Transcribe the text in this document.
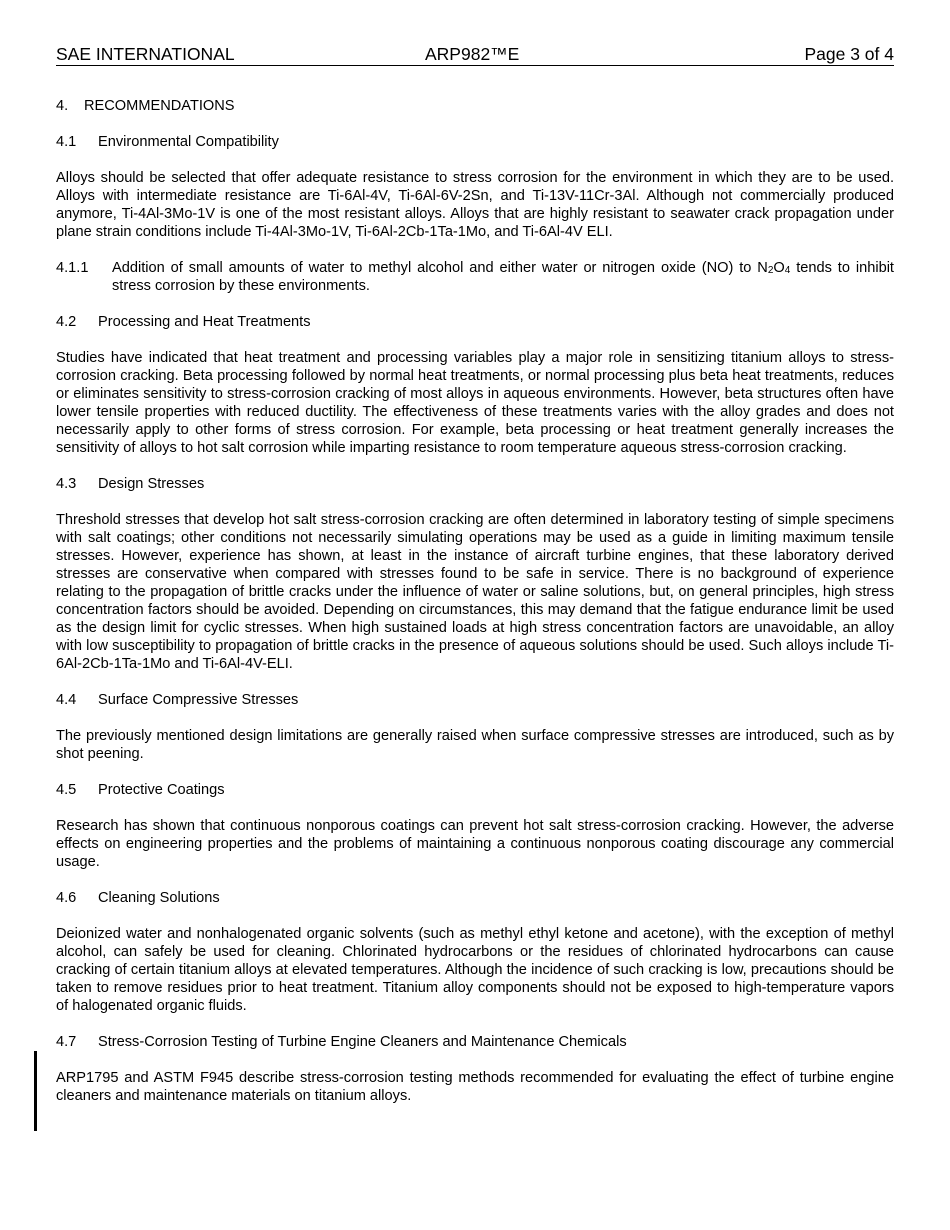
SAE INTERNATIONAL	ARP982™E	Page 3 of 4
4.	RECOMMENDATIONS
4.1	Environmental Compatibility

Alloys should be selected that offer adequate resistance to stress corrosion for the environment in which they are to be used. Alloys with intermediate resistance are Ti-6Al-4V, Ti-6Al-6V-2Sn, and Ti-13V-11Cr-3Al. Although not commercially produced anymore, Ti-4Al-3Mo-1V is one of the most resistant alloys. Alloys that are highly resistant to seawater crack propagation under plane strain conditions include Ti-4Al-3Mo-1V, Ti-6Al-2Cb-1Ta-1Mo, and Ti-6Al-4V ELI.

4.1.1	Addition of small amounts of water to methyl alcohol and either water or nitrogen oxide (NO) to $N_2O_4$ tends to inhibit stress corrosion by these environments.
4.2	Processing and Heat Treatments

Studies have indicated that heat treatment and processing variables play a major role in sensitizing titanium alloys to stress-corrosion cracking. Beta processing followed by normal heat treatments, or normal processing plus beta heat treatments, reduces or eliminates sensitivity to stress-corrosion cracking of most alloys in aqueous environments. However, beta structures often have lower tensile properties with reduced ductility. The effectiveness of these treatments varies with the alloy grades and does not necessarily apply to other forms of stress corrosion. For example, beta processing or heat treatment generally increases the sensitivity of alloys to hot salt corrosion while imparting resistance to room temperature aqueous stress-corrosion cracking.

4.3	Design Stresses

Threshold stresses that develop hot salt stress-corrosion cracking are often determined in laboratory testing of simple specimens with salt coatings; other conditions not necessarily simulating operations may be used as a guide in limiting maximum tensile stresses. However, experience has shown, at least in the instance of aircraft turbine engines, that these laboratory derived stresses are conservative when compared with stresses found to be safe in service. There is no background of experience relating to the propagation of brittle cracks under the influence of water or saline solutions, but, on general principles, high stress concentration factors should be avoided. Depending on circumstances, this may demand that the fatigue endurance limit be used as the design limit for cyclic stresses. When high sustained loads at high stress concentration factors are unavoidable, an alloy with low susceptibility to propagation of brittle cracks in the presence of aqueous solutions should be used. Such alloys include Ti-6Al-2Cb-1Ta-1Mo and Ti-6Al-4V-ELI.

4.4	Surface Compressive Stresses

The previously mentioned design limitations are generally raised when surface compressive stresses are introduced, such as by shot peening.

4.5	Protective Coatings

Research has shown that continuous nonporous coatings can prevent hot salt stress-corrosion cracking. However, the adverse effects on engineering properties and the problems of maintaining a continuous nonporous coating discourage any commercial usage.

4.6	Cleaning Solutions

Deionized water and nonhalogenated organic solvents (such as methyl ethyl ketone and acetone), with the exception of methyl alcohol, can safely be used for cleaning. Chlorinated hydrocarbons or the residues of chlorinated hydrocarbons can cause cracking of certain titanium alloys at elevated temperatures. Although the incidence of such cracking is low, precautions should be taken to remove residues prior to heat treatment. Titanium alloy components should not be exposed to high-temperature vapors of halogenated organic fluids.

4.7	Stress-Corrosion Testing of Turbine Engine Cleaners and Maintenance Chemicals

ARP1795 and ASTM F945 describe stress-corrosion testing methods recommended for evaluating the effect of turbine engine cleaners and maintenance materials on titanium alloys.
